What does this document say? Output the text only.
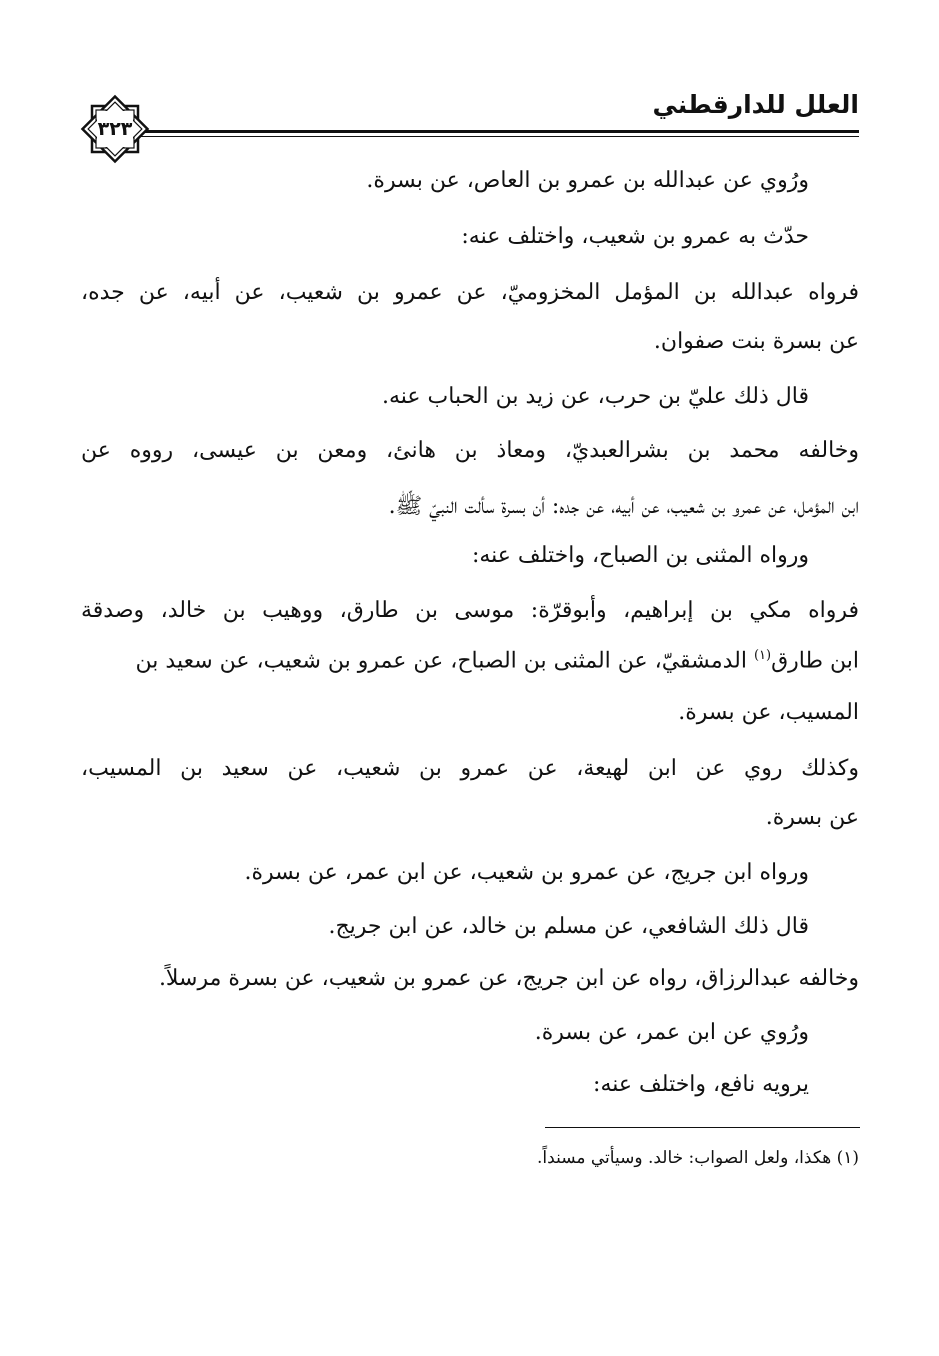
العلل للدارقطني
٣٢٣
ورُوي عن عبدالله بن عمرو بن العاص، عن بسرة.
حدّث به عمرو بن شعيب، واختلف عنه:
فرواه عبدالله بن المؤمل المخزوميّ، عن عمرو بن شعيب، عن أبيه، عن جده،
عن بسرة بنت صفوان.
قال ذلك عليّ بن حرب، عن زيد بن الحباب عنه.
وخالفه محمد بن بشرالعبديّ، ومعاذ بن هانئ، ومعن بن عيسى، رووه عن
ابن المؤمل، عن عمرو بن شعيب، عن أبيه، عن جده: أن بسرة سألت النبيّ ﷺ.
ورواه المثنى بن الصباح، واختلف عنه:
فرواه مكي بن إبراهيم، وأبوقرّة: موسى بن طارق، ووهيب بن خالد، وصدقة
ابن طارق$^{(١)}$ الدمشقيّ، عن المثنى بن الصباح، عن عمرو بن شعيب، عن سعيد بن
المسيب، عن بسرة.
وكذلك روي عن ابن لهيعة، عن عمرو بن شعيب، عن سعيد بن المسيب،
عن بسرة.
ورواه ابن جريج، عن عمرو بن شعيب، عن ابن عمر، عن بسرة.
قال ذلك الشافعي، عن مسلم بن خالد، عن ابن جريج.
وخالفه عبدالرزاق، رواه عن ابن جريج، عن عمرو بن شعيب، عن بسرة مرسلاً.
ورُوي عن ابن عمر، عن بسرة.
يرويه نافع، واختلف عنه:
(١) هكذا، ولعل الصواب: خالد. وسيأتي مسنداً.
